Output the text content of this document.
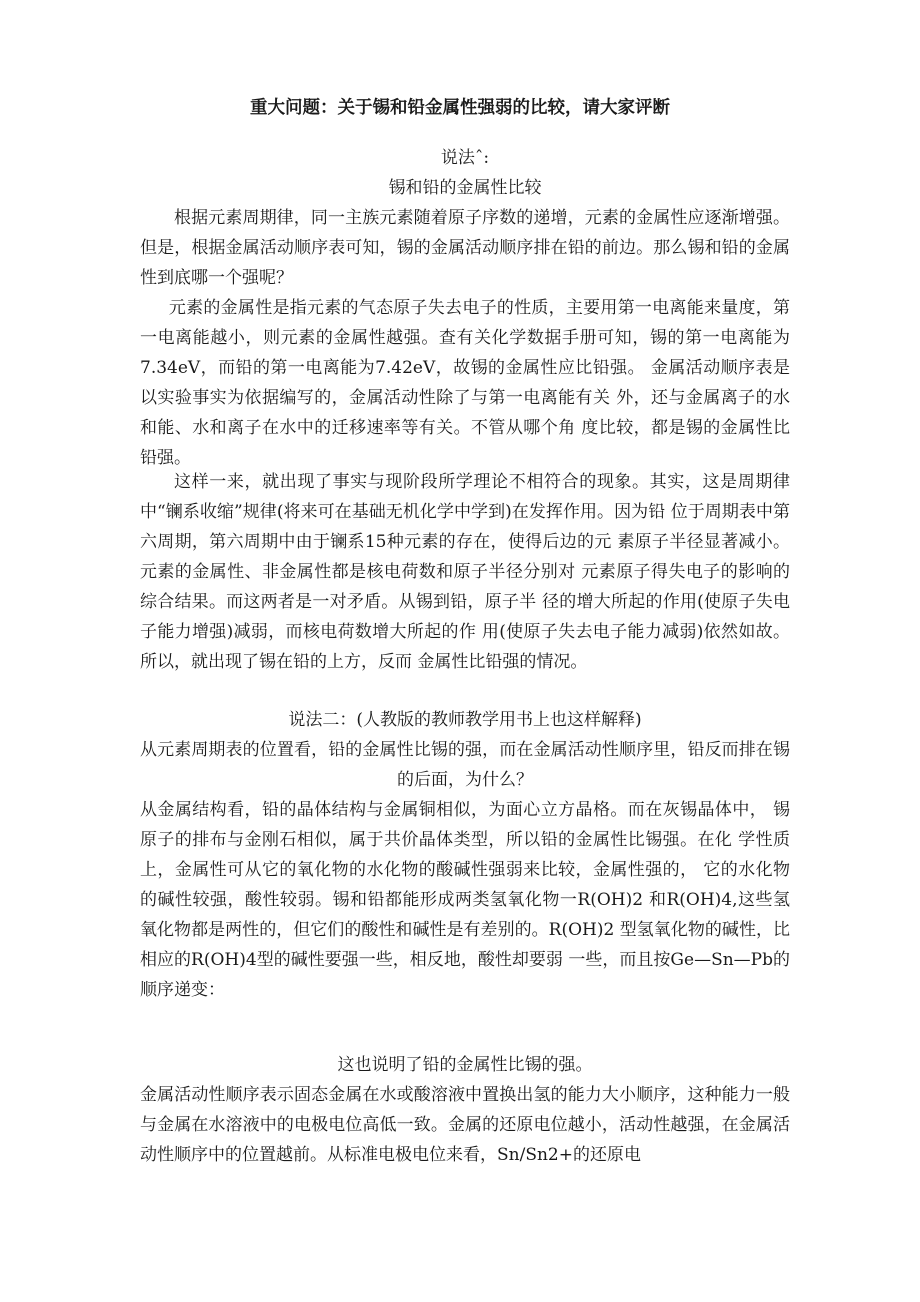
重大问题：关于锡和铅金属性强弱的比较，请大家评断

说法ˆ:

锡和铅的金属性比较

根据元素周期律，同一主族元素随着原子序数的递增，元素的金属性应逐渐增强。但是，根据金属活动顺序表可知，锡的金属活动顺序排在铅的前边。那么锡和铅的金属性到底哪一个强呢？

元素的金属性是指元素的气态原子失去电子的性质，主要用第一电离能来量度，第一电离能越小，则元素的金属性越强。查有关化学数据手册可知，锡的第一电离能为7.34eV，而铅的第一电离能为7.42eV，故锡的金属性应比铅强。 金属活动顺序表是以实验事实为依据编写的，金属活动性除了与第一电离能有关 外，还与金属离子的水和能、水和离子在水中的迁移速率等有关。不管从哪个角 度比较，都是锡的金属性比铅强。

这样一来，就出现了事实与现阶段所学理论不相符合的现象。其实，这是周期律中“镧系收缩”规律(将来可在基础无机化学中学到)在发挥作用。因为铅 位于周期表中第六周期，第六周期中由于镧系15种元素的存在，使得后边的元 素原子半径显著减小。元素的金属性、非金属性都是核电荷数和原子半径分别对 元素原子得失电子的影响的综合结果。而这两者是一对矛盾。从锡到铅，原子半 径的增大所起的作用(使原子失电子能力增强)减弱，而核电荷数增大所起的作 用(使原子失去电子能力减弱)依然如故。所以，就出现了锡在铅的上方，反而 金属性比铅强的情况。

说法二：(人教版的教师教学用书上也这样解释)

从元素周期表的位置看，铅的金属性比锡的强，而在金属活动性顺序里，铅反而排在锡的后面，为什么？

从金属结构看，铅的晶体结构与金属铜相似，为面心立方晶格。而在灰锡晶体中， 锡原子的排布与金刚石相似，属于共价晶体类型，所以铅的金属性比锡强。在化 学性质上，金属性可从它的氧化物的水化物的酸碱性强弱来比较，金属性强的， 它的水化物的碱性较强，酸性较弱。锡和铅都能形成两类氢氧化物一R(OH)2 和R(OH)4,这些氢氧化物都是两性的，但它们的酸性和碱性是有差别的。R(OH)2 型氢氧化物的碱性，比相应的R(OH)4型的碱性要强一些，相反地，酸性却要弱 一些，而且按Ge—Sn—Pb的顺序递变：

这也说明了铅的金属性比锡的强。

金属活动性顺序表示固态金属在水或酸溶液中置换出氢的能力大小顺序，这种能力一般与金属在水溶液中的电极电位高低一致。金属的还原电位越小，活动性越强，在金属活动性顺序中的位置越前。从标准电极电位来看，Sn/Sn2+的还原电
